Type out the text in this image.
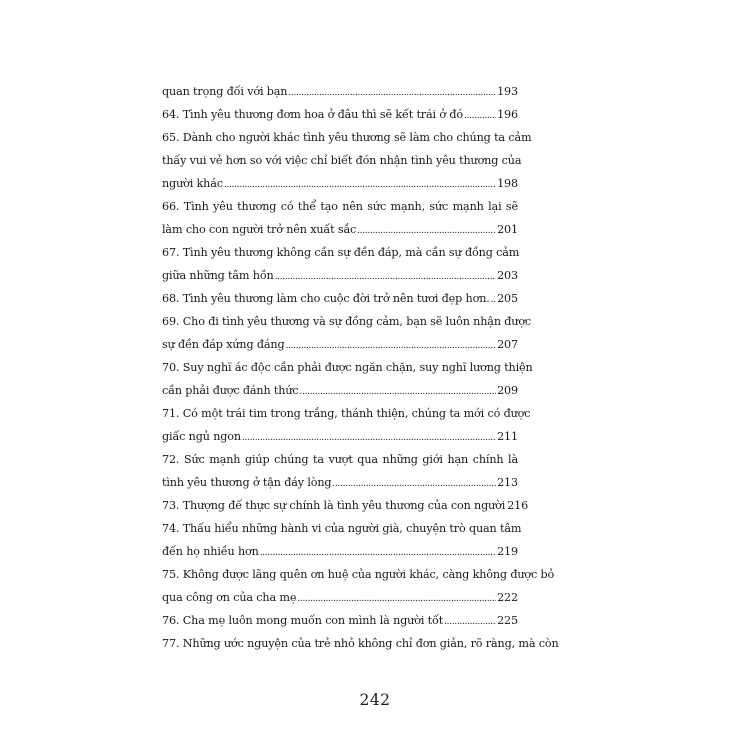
quan trọng đối với bạn .....	193
64. Tình yêu thương đơm hoa ở đâu thì sẽ kết trái ở đó .....	196
65. Dành cho người khác tình yêu thương sẽ làm cho chúng ta cảm
thấy vui vẻ hơn so với việc chỉ biết đón nhận tình yêu thương của
người khác .....	198
66. Tình yêu thương có thể tạo nên sức mạnh, sức mạnh lại sẽ
làm cho con người trở nên xuất sắc .....	201
67. Tình yêu thương không cần sự đền đáp, mà cần sự đồng cảm
giữa những tâm hồn .....	203
68. Tình yêu thương làm cho cuộc đời trở nên tươi đẹp hơn. ..... 205
69. Cho đi tình yêu thương và sự đồng cảm, bạn sẽ luôn nhận được
sự đền đáp xứng đáng .....	207
70. Suy nghĩ ác độc cần phải được ngăn chặn, suy nghĩ lương thiện
cần phải được đánh thức .....	209
71. Có một trái tim trong trắng, thánh thiện, chúng ta mới có được
giấc ngủ ngon .....	211
72. Sức mạnh giúp chúng ta vượt qua những giới hạn chính là
tình yêu thương ở tận đáy lòng .....	213
73. Thượng đế thực sự chính là tình yêu thương của con người 216
74. Thấu hiểu những hành vi của người già, chuyện trò quan tâm
đến họ nhiều hơn .....	219
75. Không được lãng quên ơn huệ của người khác, càng không được bỏ
qua công ơn của cha mẹ .....	222
76. Cha mẹ luôn mong muốn con mình là người tốt .....	225
77. Những ước nguyện của trẻ nhỏ không chỉ đơn giản, rõ ràng, mà còn
242
